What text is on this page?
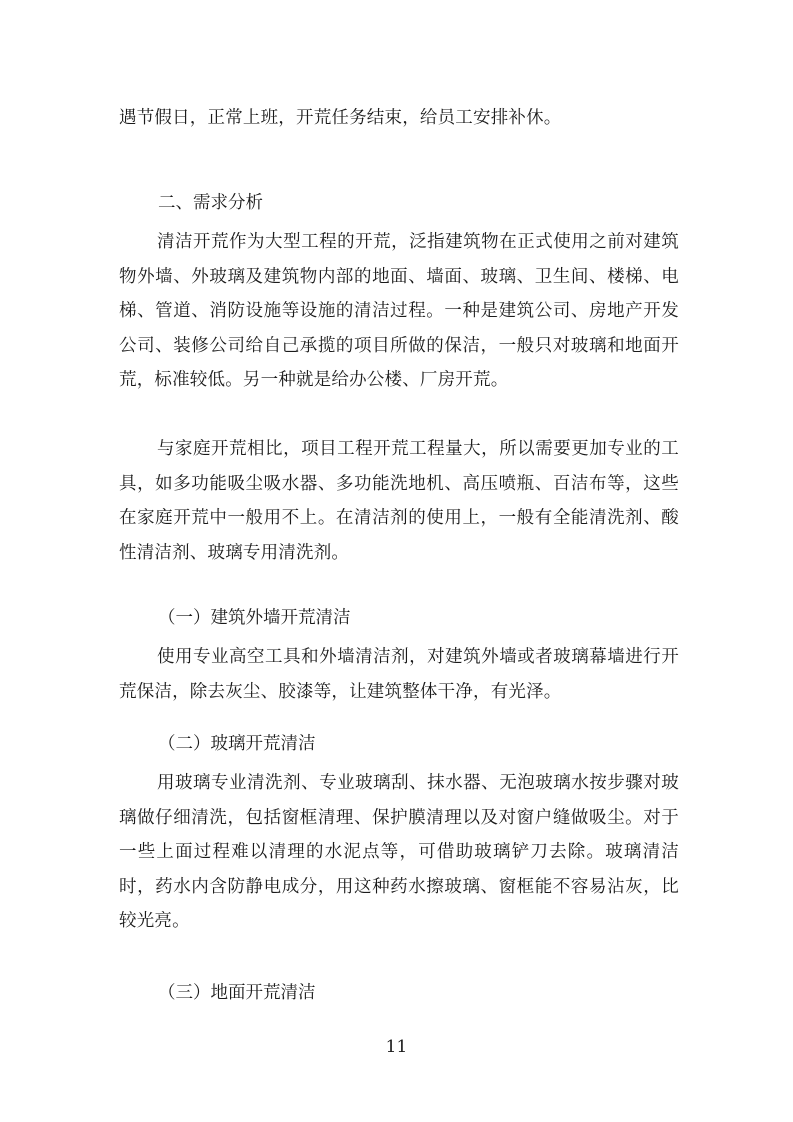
遇节假日，正常上班，开荒任务结束，给员工安排补休。

二、需求分析

清洁开荒作为大型工程的开荒，泛指建筑物在正式使用之前对建筑物外墙、外玻璃及建筑物内部的地面、墙面、玻璃、卫生间、楼梯、电梯、管道、消防设施等设施的清洁过程。一种是建筑公司、房地产开发公司、装修公司给自己承揽的项目所做的保洁，一般只对玻璃和地面开荒，标准较低。另一种就是给办公楼、厂房开荒。

与家庭开荒相比，项目工程开荒工程量大，所以需要更加专业的工具，如多功能吸尘吸水器、多功能洗地机、高压喷瓶、百洁布等，这些在家庭开荒中一般用不上。在清洁剂的使用上，一般有全能清洗剂、酸性清洁剂、玻璃专用清洗剂。

（一）建筑外墙开荒清洁

使用专业高空工具和外墙清洁剂，对建筑外墙或者玻璃幕墙进行开荒保洁，除去灰尘、胶漆等，让建筑整体干净，有光泽。

（二）玻璃开荒清洁

用玻璃专业清洗剂、专业玻璃刮、抹水器、无泡玻璃水按步骤对玻璃做仔细清洗，包括窗框清理、保护膜清理以及对窗户缝做吸尘。对于一些上面过程难以清理的水泥点等，可借助玻璃铲刀去除。玻璃清洁时，药水内含防静电成分，用这种药水擦玻璃、窗框能不容易沾灰，比较光亮。

（三）地面开荒清洁

11
